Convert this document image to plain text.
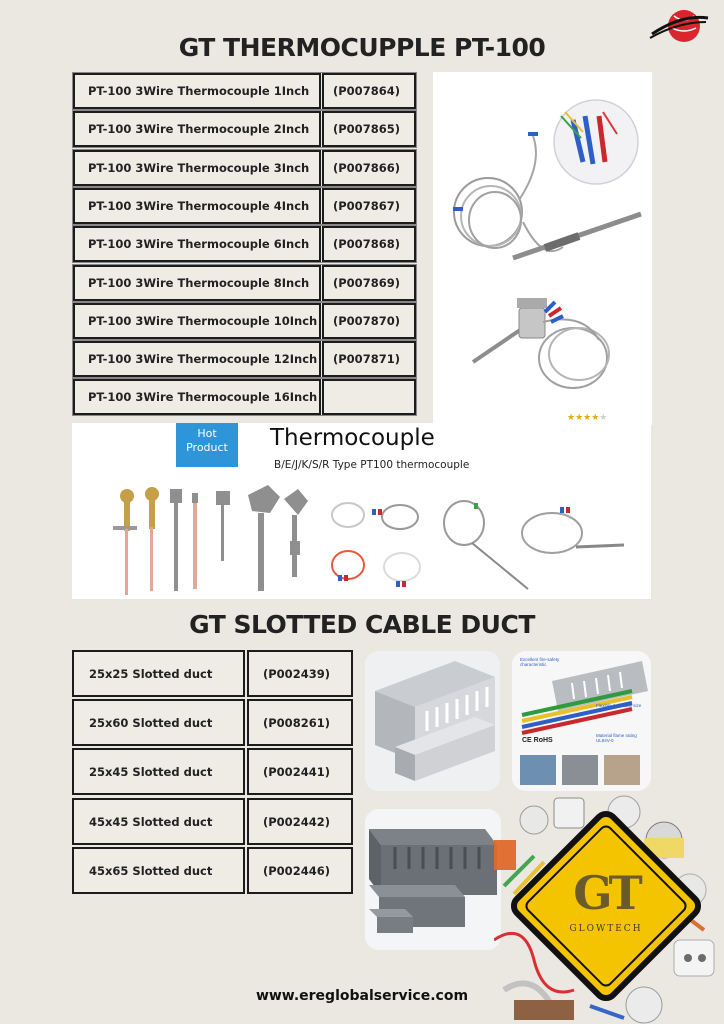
GT THERMOCUPPLE PT-100
PT-100 3Wire Thermocouple 1Inch	(P007864)
PT-100 3Wire Thermocouple 2Inch	(P007865)
PT-100 3Wire Thermocouple 3Inch	(P007866)
PT-100 3Wire Thermocouple 4Inch	(P007867)
PT-100 3Wire Thermocouple 6Inch	(P007868)
PT-100 3Wire Thermocouple 8Inch	(P007869)
PT-100 3Wire Thermocouple 10Inch	(P007870)
PT-100 3Wire Thermocouple 12Inch	(P007871)
PT-100 3Wire Thermocouple 16Inch
★★★★★
Hot
Product	Thermocouple
B/E/J/K/S/R Type PT100 thermocouple
GT SLOTTED CABLE DUCT
25x25 Slotted duct	(P002439)
25x60 Slotted duct	(P008261)
25x45 Slotted duct	(P002441)
45x45 Slotted duct	(P002442)
45x65 Slotted duct	(P002446)
Excellent fire-safety characteristic
Flexible & durable size fits
Material flame rating UL94V-0
CE RoHS
GT
GLOWTECH
www.ereglobalservice.com
